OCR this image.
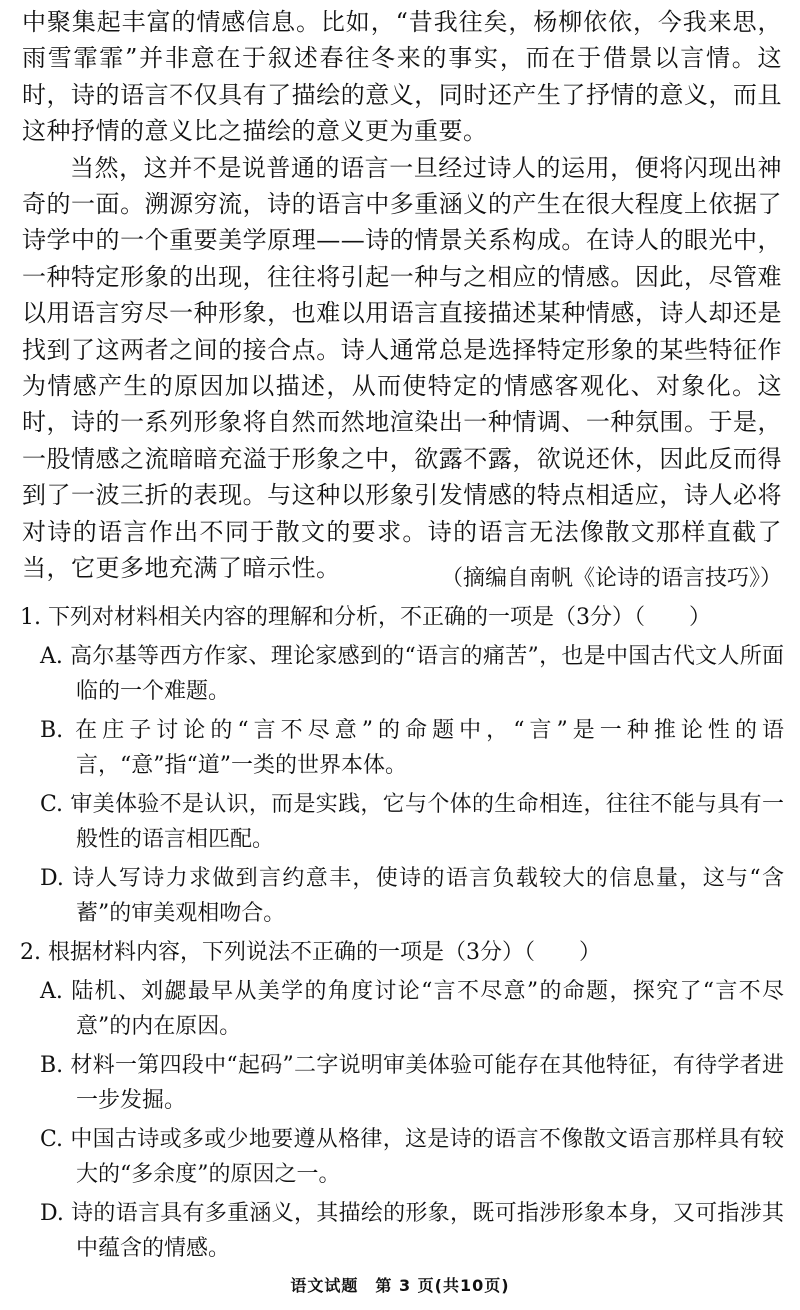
中聚集起丰富的情感信息。比如，“昔我往矣，杨柳依依，今我来思，雨雪霏霏”并非意在于叙述春往冬来的事实，而在于借景以言情。这时，诗的语言不仅具有了描绘的意义，同时还产生了抒情的意义，而且这种抒情的意义比之描绘的意义更为重要。

当然，这并不是说普通的语言一旦经过诗人的运用，便将闪现出神奇的一面。溯源穷流，诗的语言中多重涵义的产生在很大程度上依据了诗学中的一个重要美学原理——诗的情景关系构成。在诗人的眼光中，一种特定形象的出现，往往将引起一种与之相应的情感。因此，尽管难以用语言穷尽一种形象，也难以用语言直接描述某种情感，诗人却还是找到了这两者之间的接合点。诗人通常总是选择特定形象的某些特征作为情感产生的原因加以描述，从而使特定的情感客观化、对象化。这时，诗的一系列形象将自然而然地渲染出一种情调、一种氛围。于是，一股情感之流暗暗充溢于形象之中，欲露不露，欲说还休，因此反而得到了一波三折的表现。与这种以形象引发情感的特点相适应，诗人必将对诗的语言作出不同于散文的要求。诗的语言无法像散文那样直截了当，它更多地充满了暗示性。	（摘编自南帆《论诗的语言技巧》）

1. 下列对材料相关内容的理解和分析，不正确的一项是（3分）（　　）

A. 高尔基等西方作家、理论家感到的“语言的痛苦”，也是中国古代文人所面临的一个难题。

B. 在庄子讨论的“言不尽意”的命题中，“言”是一种推论性的语言，“意”指“道”一类的世界本体。

C. 审美体验不是认识，而是实践，它与个体的生命相连，往往不能与具有一般性的语言相匹配。

D. 诗人写诗力求做到言约意丰，使诗的语言负载较大的信息量，这与“含蓄”的审美观相吻合。

2. 根据材料内容，下列说法不正确的一项是（3分）（　　）

A. 陆机、刘勰最早从美学的角度讨论“言不尽意”的命题，探究了“言不尽意”的内在原因。

B. 材料一第四段中“起码”二字说明审美体验可能存在其他特征，有待学者进一步发掘。

C. 中国古诗或多或少地要遵从格律，这是诗的语言不像散文语言那样具有较大的“多余度”的原因之一。

D. 诗的语言具有多重涵义，其描绘的形象，既可指涉形象本身，又可指涉其中蕴含的情感。

语文试题　第 3 页(共10页)
